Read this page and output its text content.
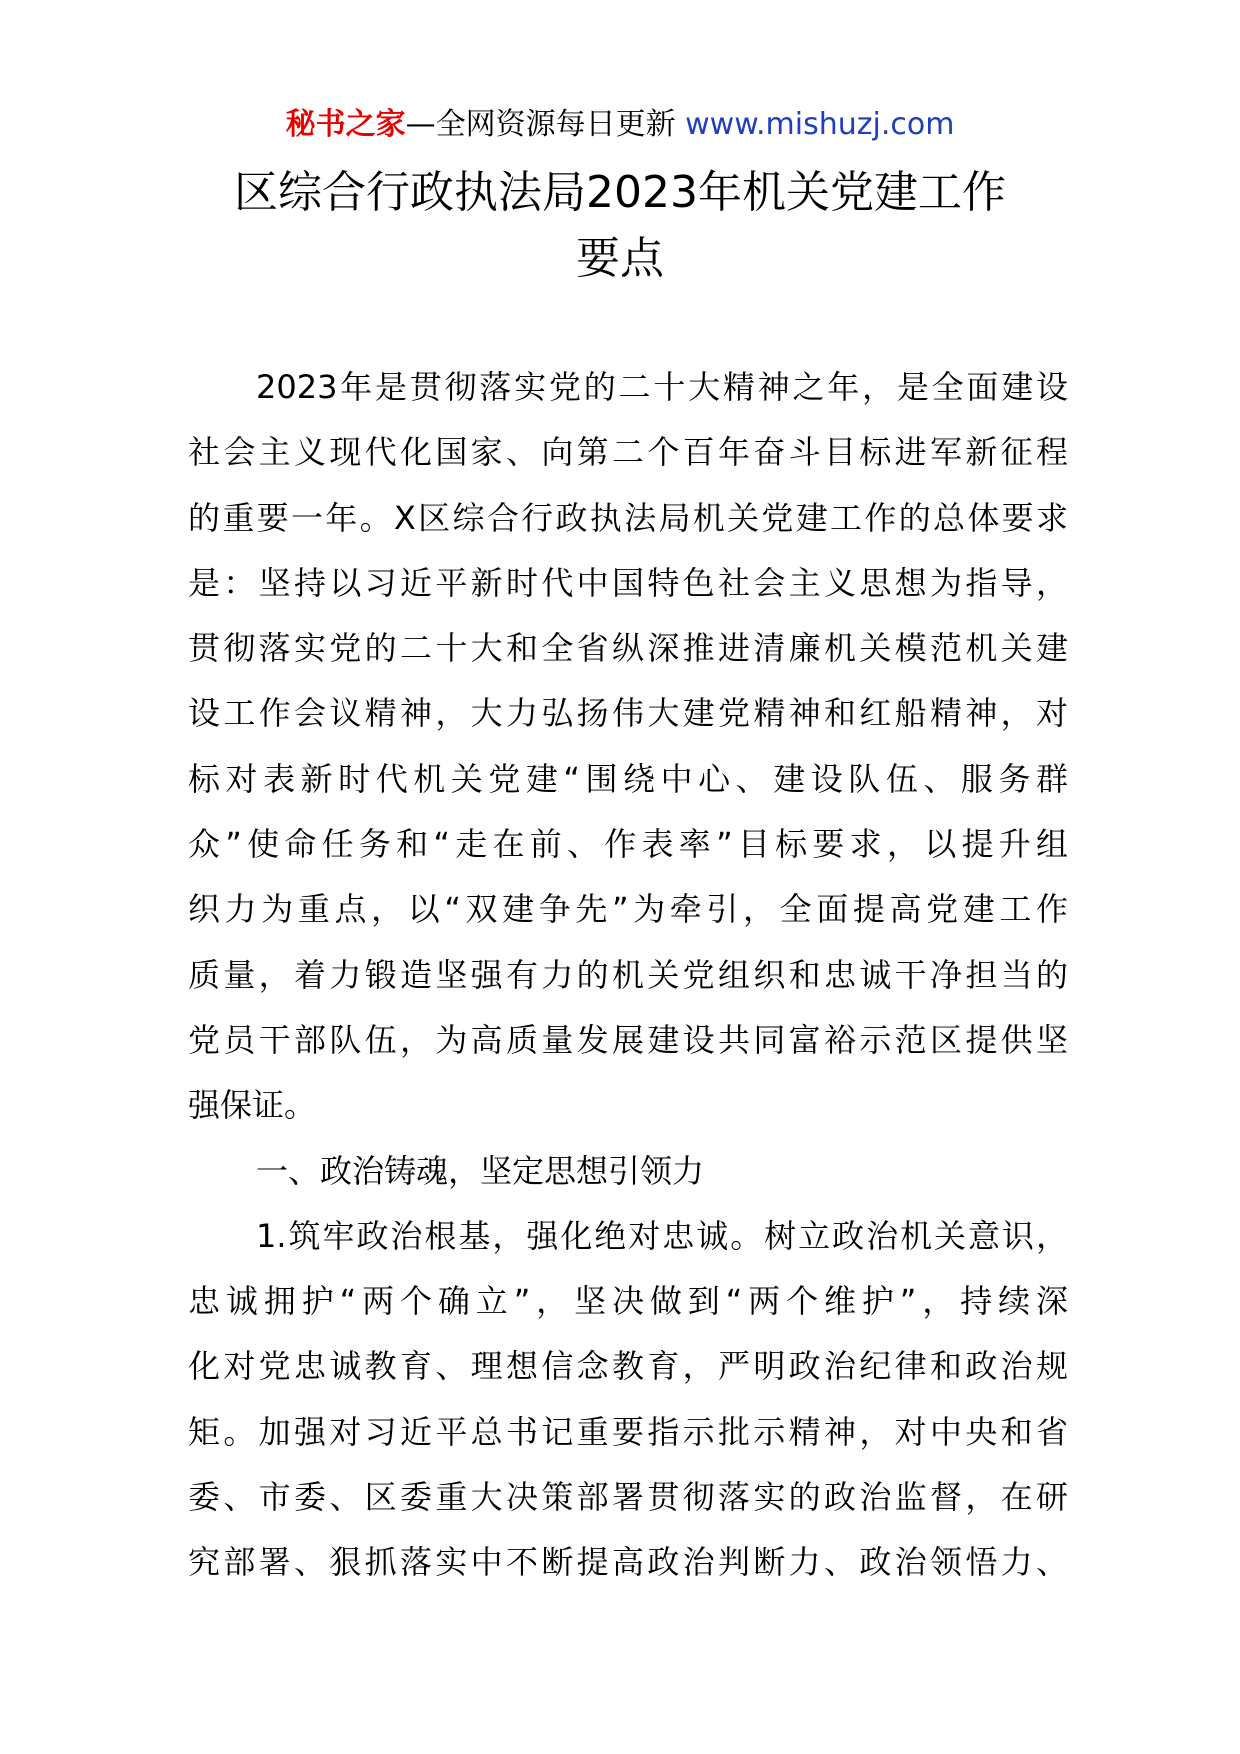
秘书之家—全网资源每日更新 www.mishuzj.com
区综合行政执法局2023年机关党建工作
要点
2023年是贯彻落实党的二十大精神之年，是全面建设
社会主义现代化国家、向第二个百年奋斗目标进军新征程
的重要一年。X区综合行政执法局机关党建工作的总体要求
是：坚持以习近平新时代中国特色社会主义思想为指导，
贯彻落实党的二十大和全省纵深推进清廉机关模范机关建
设工作会议精神，大力弘扬伟大建党精神和红船精神，对
标对表新时代机关党建“围绕中心、建设队伍、服务群
众”使命任务和“走在前、作表率”目标要求，以提升组
织力为重点，以“双建争先”为牵引，全面提高党建工作
质量，着力锻造坚强有力的机关党组织和忠诚干净担当的
党员干部队伍，为高质量发展建设共同富裕示范区提供坚
强保证。
一、政治铸魂，坚定思想引领力
1.筑牢政治根基，强化绝对忠诚。树立政治机关意识，
忠诚拥护“两个确立”，坚决做到“两个维护”，持续深
化对党忠诚教育、理想信念教育，严明政治纪律和政治规
矩。加强对习近平总书记重要指示批示精神，对中央和省
委、市委、区委重大决策部署贯彻落实的政治监督，在研
究部署、狠抓落实中不断提高政治判断力、政治领悟力、
